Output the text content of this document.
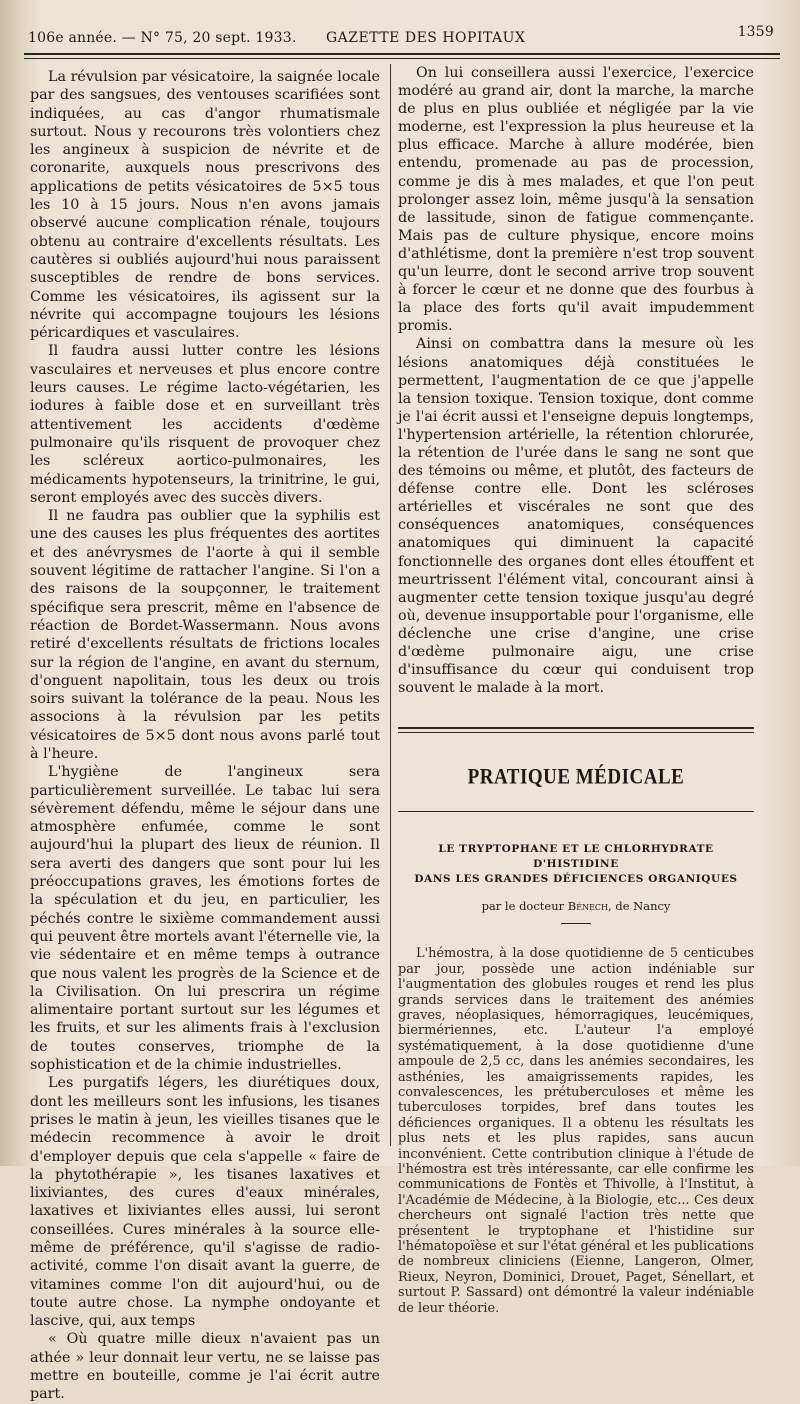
106e année. — N° 75, 20 sept. 1933. GAZETTE DES HOPITAUX	1359

La révulsion par vésicatoire, la saignée locale par des sangsues, des ventouses scarifiées sont indiquées, au cas d'angor rhumatismale surtout. Nous y recourons très volontiers chez les angineux à suspicion de névrite et de coronarite, auxquels nous prescrivons des applications de petits vésicatoires de 5×5 tous les 10 à 15 jours. Nous n'en avons jamais observé aucune complication rénale, toujours obtenu au contraire d'excellents résultats. Les cautères si oubliés aujourd'hui nous paraissent susceptibles de rendre de bons services. Comme les vésicatoires, ils agissent sur la névrite qui accompagne toujours les lésions péricardiques et vasculaires.

Il faudra aussi lutter contre les lésions vasculaires et nerveuses et plus encore contre leurs causes. Le régime lacto-végétarien, les iodures à faible dose et en surveillant très attentivement les accidents d'œdème pulmonaire qu'ils risquent de provoquer chez les scléreux aortico-pulmonaires, les médicaments hypotenseurs, la trinitrine, le gui, seront employés avec des succès divers.

Il ne faudra pas oublier que la syphilis est une des causes les plus fréquentes des aortites et des anévrysmes de l'aorte à qui il semble souvent légitime de rattacher l'angine. Si l'on a des raisons de la soupçonner, le traitement spécifique sera prescrit, même en l'absence de réaction de Bordet-Wassermann. Nous avons retiré d'excellents résultats de frictions locales sur la région de l'angine, en avant du sternum, d'onguent napolitain, tous les deux ou trois soirs suivant la tolérance de la peau. Nous les associons à la révulsion par les petits vésicatoires de 5×5 dont nous avons parlé tout à l'heure.

L'hygiène de l'angineux sera particulièrement surveillée. Le tabac lui sera sévèrement défendu, même le séjour dans une atmosphère enfumée, comme le sont aujourd'hui la plupart des lieux de réunion. Il sera averti des dangers que sont pour lui les préoccupations graves, les émotions fortes de la spéculation et du jeu, en particulier, les péchés contre le sixième commandement aussi qui peuvent être mortels avant l'éternelle vie, la vie sédentaire et en même temps à outrance que nous valent les progrès de la Science et de la Civilisation. On lui prescrira un régime alimentaire portant surtout sur les légumes et les fruits, et sur les aliments frais à l'exclusion de toutes conserves, triomphe de la sophistication et de la chimie industrielles.

Les purgatifs légers, les diurétiques doux, dont les meilleurs sont les infusions, les tisanes prises le matin à jeun, les vieilles tisanes que le médecin recommence à avoir le droit d'employer depuis que cela s'appelle « faire de la phytothérapie », les tisanes laxatives et lixiviantes, des cures d'eaux minérales, laxatives et lixiviantes elles aussi, lui seront conseillées. Cures minérales à la source elle-même de préférence, qu'il s'agisse de radio-activité, comme l'on disait avant la guerre, de vitamines comme l'on dit aujourd'hui, ou de toute autre chose. La nymphe ondoyante et lascive, qui, aux temps

« Où quatre mille dieux n'avaient pas un athée » leur donnait leur vertu, ne se laisse pas mettre en bouteille, comme je l'ai écrit autre part.

On lui conseillera aussi l'exercice, l'exercice modéré au grand air, dont la marche, la marche de plus en plus oubliée et négligée par la vie moderne, est l'expression la plus heureuse et la plus efficace. Marche à allure modérée, bien entendu, promenade au pas de procession, comme je dis à mes malades, et que l'on peut prolonger assez loin, même jusqu'à la sensation de lassitude, sinon de fatigue commençante. Mais pas de culture physique, encore moins d'athlétisme, dont la première n'est trop souvent qu'un leurre, dont le second arrive trop souvent à forcer le cœur et ne donne que des fourbus à la place des forts qu'il avait impudemment promis.

Ainsi on combattra dans la mesure où les lésions anatomiques déjà constituées le permettent, l'augmentation de ce que j'appelle la tension toxique. Tension toxique, dont comme je l'ai écrit aussi et l'enseigne depuis longtemps, l'hypertension artérielle, la rétention chlorurée, la rétention de l'urée dans le sang ne sont que des témoins ou même, et plutôt, des facteurs de défense contre elle. Dont les scléroses artérielles et viscérales ne sont que des conséquences anatomiques, conséquences anatomiques qui diminuent la capacité fonctionnelle des organes dont elles étouffent et meurtrissent l'élément vital, concourant ainsi à augmenter cette tension toxique jusqu'au degré où, devenue insupportable pour l'organisme, elle déclenche une crise d'angine, une crise d'œdème pulmonaire aigu, une crise d'insuffisance du cœur qui conduisent trop souvent le malade à la mort.

PRATIQUE MÉDICALE
LE TRYPTOPHANE ET LE CHLORHYDRATE D'HISTIDINE
DANS LES GRANDES DÉFICIENCES ORGANIQUES
par le docteur Bénech, de Nancy

L'hémostra, à la dose quotidienne de 5 centicubes par jour, possède une action indéniable sur l'augmentation des globules rouges et rend les plus grands services dans le traitement des anémies graves, néoplasiques, hémorragiques, leucémiques, biermériennes, etc. L'auteur l'a employé systématiquement, à la dose quotidienne d'une ampoule de 2,5 cc, dans les anémies secondaires, les asthénies, les amaigrissements rapides, les convalescences, les prétuberculoses et même les tuberculoses torpides, bref dans toutes les déficiences organiques. Il a obtenu les résultats les plus nets et les plus rapides, sans aucun inconvénient. Cette contribution clinique à l'étude de l'hémostra est très intéressante, car elle confirme les communications de Fontès et Thivolle, à l'Institut, à l'Académie de Médecine, à la Biologie, etc... Ces deux chercheurs ont signalé l'action très nette que présentent le tryptophane et l'histidine sur l'hématopoïèse et sur l'état général et les publications de nombreux cliniciens (Eienne, Langeron, Olmer, Rieux, Neyron, Dominici, Drouet, Paget, Sénellart, et surtout P. Sassard) ont démontré la valeur indéniable de leur théorie.
